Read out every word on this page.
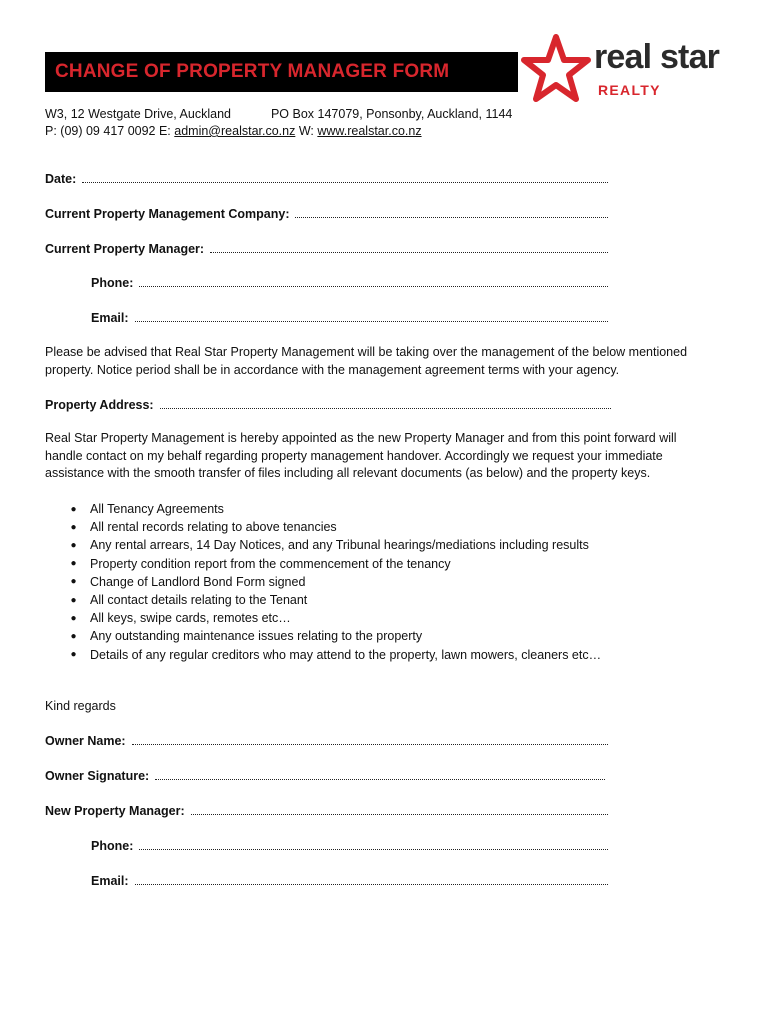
CHANGE OF PROPERTY MANAGER FORM	real star
REALTY
W3, 12 Westgate Drive, Auckland	PO Box 147079, Ponsonby, Auckland, 1144
P: (09) 09 417 0092 E: admin@realstar.co.nz W: www.realstar.co.nz
Date:
Current Property Management Company:
Current Property Manager:
Phone:
Email:
Please be advised that Real Star Property Management will be taking over the management of the below mentioned property. Notice period shall be in accordance with the management agreement terms with your agency.
Property Address:
Real Star Property Management is hereby appointed as the new Property Manager and from this point forward will handle contact on my behalf regarding property management handover. Accordingly we request your immediate assistance with the smooth transfer of files including all relevant documents (as below) and the property keys.
●	All Tenancy Agreements
●	All rental records relating to above tenancies
●	Any rental arrears, 14 Day Notices, and any Tribunal hearings/mediations including results
●	Property condition report from the commencement of the tenancy
●	Change of Landlord Bond Form signed
●	All contact details relating to the Tenant
●	All keys, swipe cards, remotes etc…
●	Any outstanding maintenance issues relating to the property
●	Details of any regular creditors who may attend to the property, lawn mowers, cleaners etc…
Kind regards
Owner Name:
Owner Signature:
New Property Manager:
Phone:
Email:
